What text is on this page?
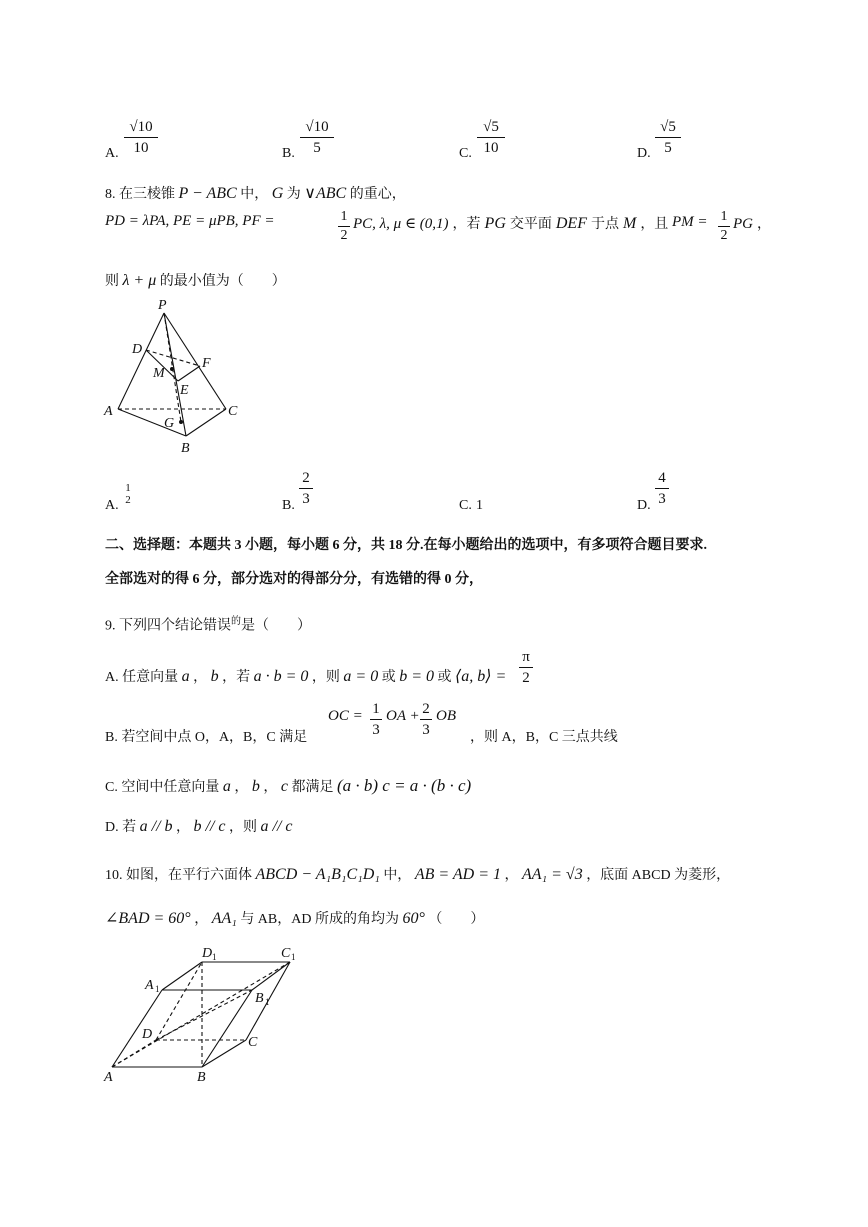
A.
√10
10	B.
√10
5	C.
√5
10	D.
√5
5
8. 在三棱锥 P − ABC 中， G 为 ∨ABC 的重心，
PD = λPA, PE = μPB, PF =	1
2
PC, λ, μ ∈ (0,1) ，若 PG 交平面 DEF 于点 M ，且 PM = 1
2
PG ，
则 λ + μ 的最小值为（　　）
P
D
F
M
E
A	C
G
B
A.
1
2	B.
2
3	C. 1	D.
4
3
二、选择题：本题共 3 小题，每小题 6 分，共 18 分.在每小题给出的选项中，有多项符合题目要求.
全部选对的得 6 分，部分选对的得部分分，有选错的得 0 分，
9. 下列四个结论错误$^的$是（　　）
A. 任意向量 a ， b ，若 a · b = 0 ，则 a = 0 或 b = 0 或 ⟨a, b⟩ =
π
2
B. 若空间中点 O，A，B，C 满足
OC = 1
3
OA + 2
3
OB
，则 A，B，C 三点共线
C. 空间中任意向量 a ， b ， c 都满足 (a · b) c = a · (b · c)
D. 若 a // b ， b // c ，则 a // c
10. 如图，在平行六面体 ABCD − A₁B₁C₁D₁ 中， AB = AD = 1 ， AA₁ = √3 ，底面 ABCD 为菱形，
∠BAD = 60° ， AA₁ 与 AB，AD 所成的角均为 60° （　　）
D 1	C 1
A 1
B 1
D
C
A	B
